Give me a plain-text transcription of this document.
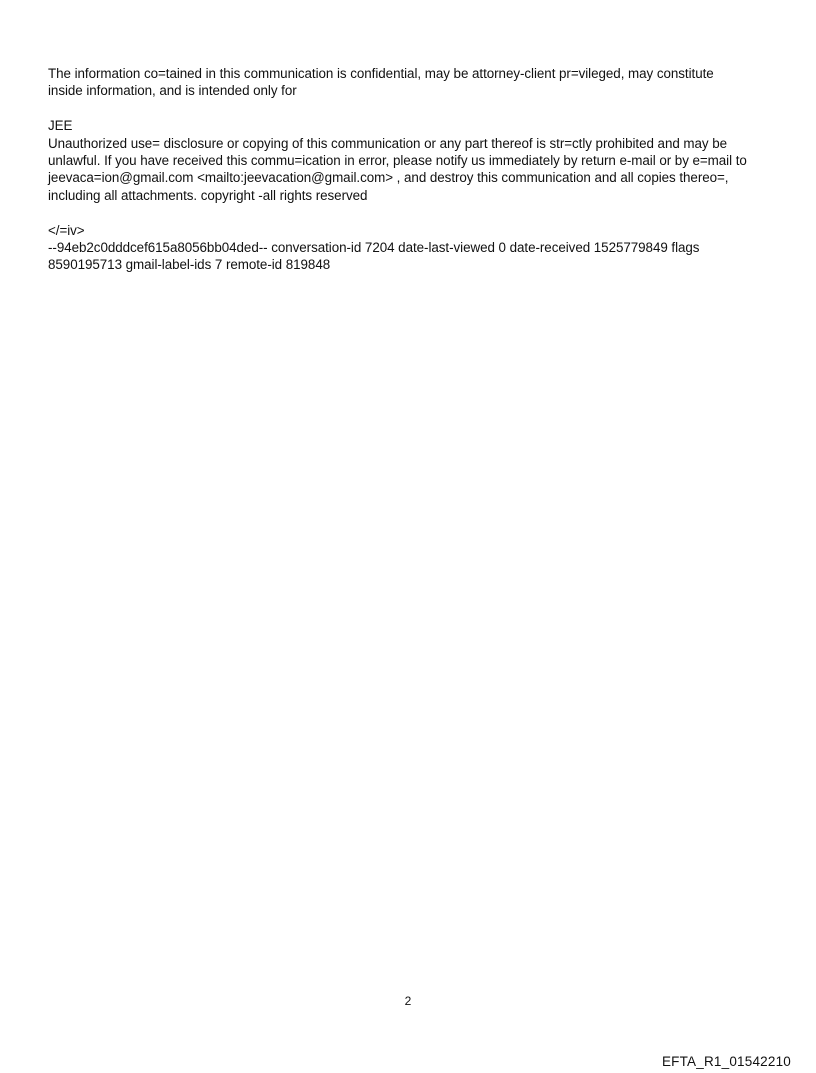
The information co=tained in this communication is confidential, may be attorney-client pr=vileged, may constitute
inside information, and is intended only for

JEE
Unauthorized use= disclosure or copying of this communication or any part thereof is str=ctly prohibited and may be
unlawful. If you have received this commu=ication in error, please notify us immediately by return e-mail or by e=mail to
jeevaca=ion@gmail.com <mailto:jeevacation@gmail.com> , and destroy this communication and all copies thereo=,
including all attachments. copyright -all rights reserved

</=iv>
--94eb2c0dddcef615a8056bb04ded-- conversation-id 7204 date-last-viewed 0 date-received 1525779849 flags
8590195713 gmail-label-ids 7 remote-id 819848

2
EFTA_R1_01542210
